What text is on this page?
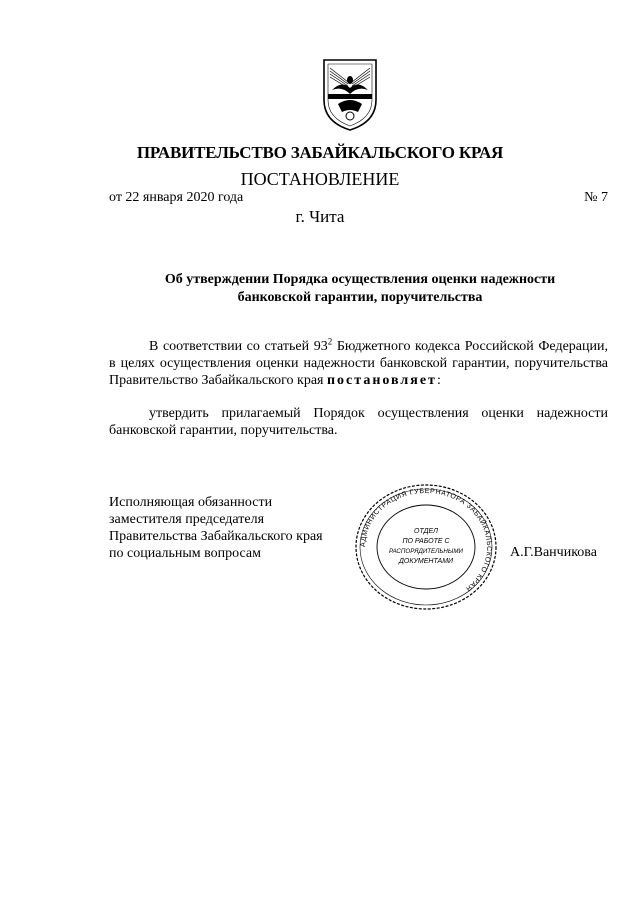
ПРАВИТЕЛЬСТВО ЗАБАЙКАЛЬСКОГО КРАЯ
ПОСТАНОВЛЕНИЕ
от 22 января 2020 года	№ 7
г. Чита
Об утверждении Порядка осуществления оценки надежности банковской гарантии, поручительства
В соответствии со статьей $93^2$ Бюджетного кодекса Российской Федерации, в целях осуществления оценки надежности банковской гарантии, поручительства Правительство Забайкальского края постановляет:
утвердить прилагаемый Порядок осуществления оценки надежности банковской гарантии, поручительства.
Исполняющая обязанности
заместителя председателя
Правительства Забайкальского края
по социальным вопросам
АДМИНИСТРАЦИЯ ГУБЕРНАТОРА ЗАБАЙКАЛЬСКОГО КРАЯ
ОТДЕЛ
ПО РАБОТЕ С
РАСПОРЯДИТЕЛЬНЫМИ
ДОКУМЕНТАМИ
А.Г.Ванчикова
